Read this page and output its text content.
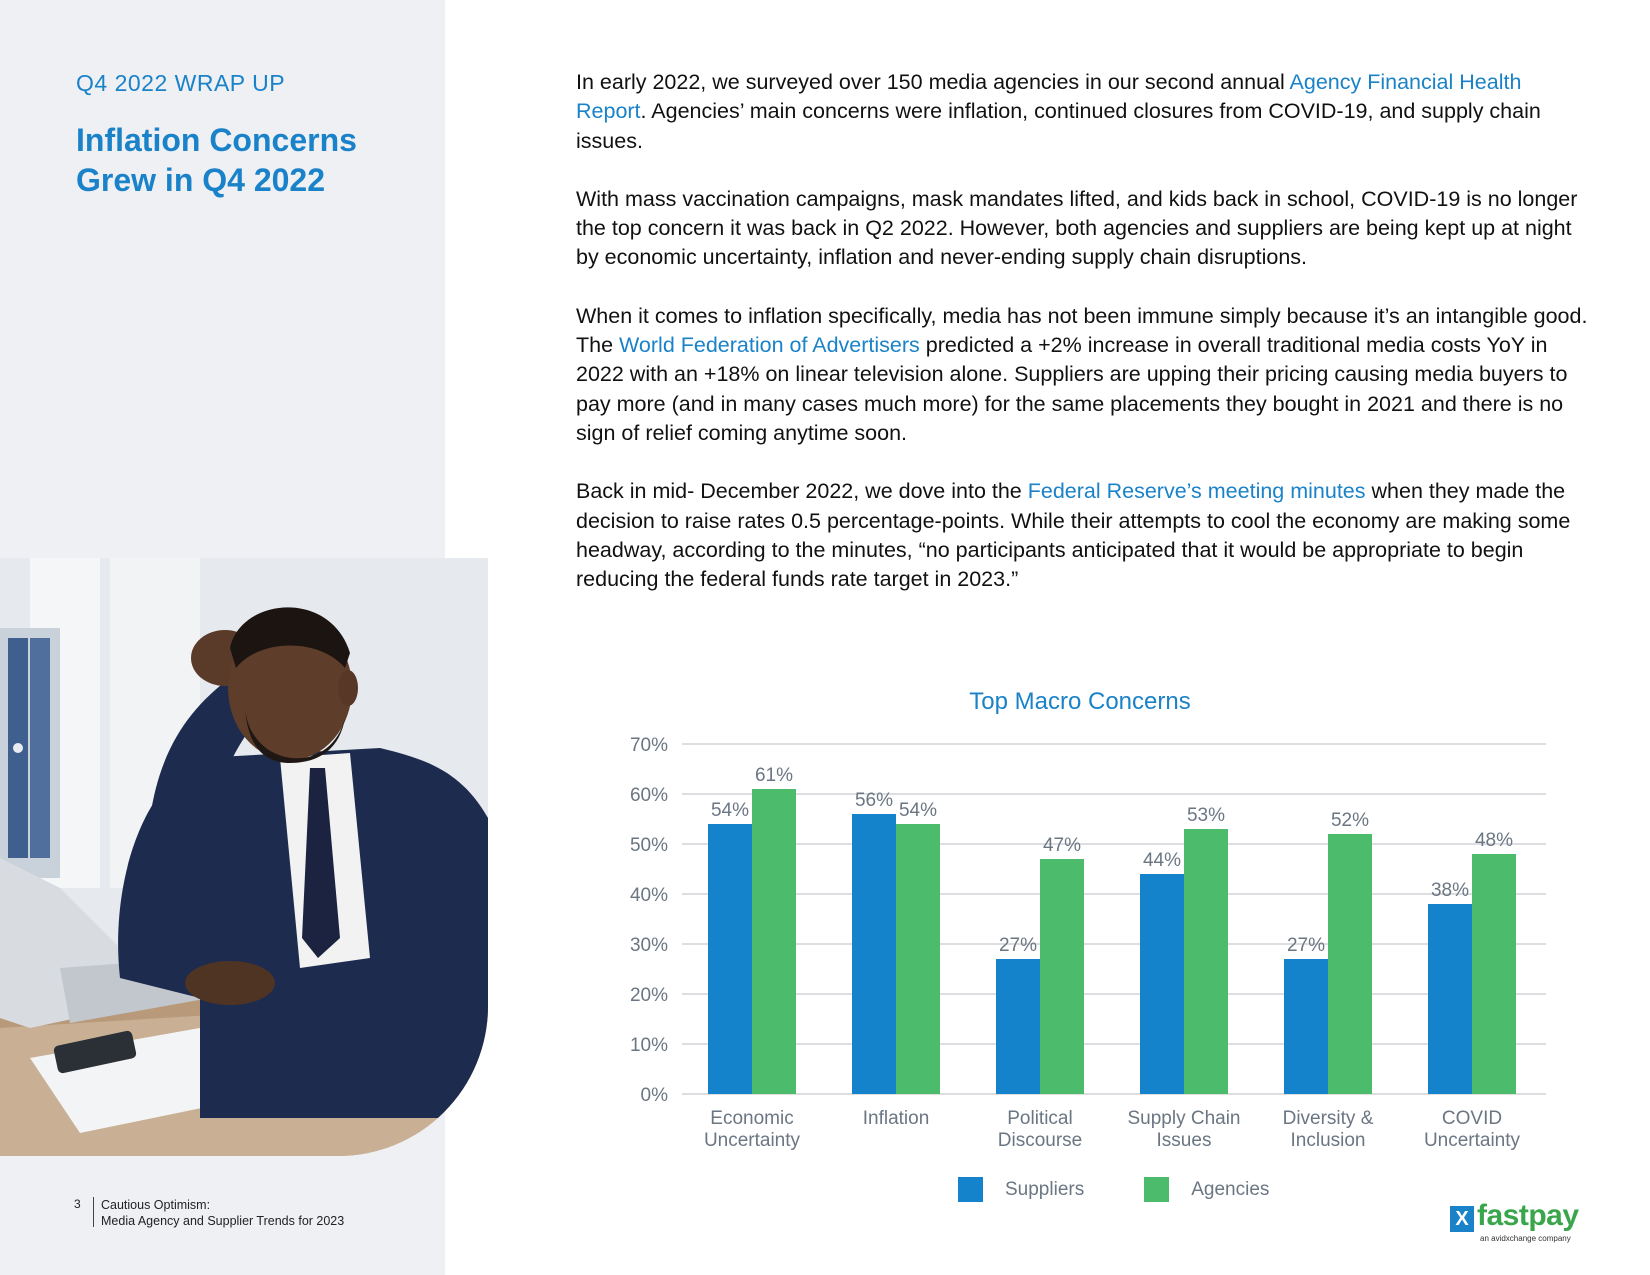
Q4 2022 WRAP UP
Inflation Concerns Grew in Q4 2022
3 Cautious Optimism:
Media Agency and Supplier Trends for 2023

In early 2022, we surveyed over 150 media agencies in our second annual Agency Financial Health Report. Agencies’ main concerns were inflation, continued closures from COVID-19, and supply chain issues.

With mass vaccination campaigns, mask mandates lifted, and kids back in school, COVID-19 is no longer the top concern it was back in Q2 2022. However, both agencies and suppliers are being kept up at night by economic uncertainty, inflation and never-ending supply chain disruptions.

When it comes to inflation specifically, media has not been immune simply because it’s an intangible good. The World Federation of Advertisers predicted a +2% increase in overall traditional media costs YoY in 2022 with an +18% on linear television alone. Suppliers are upping their pricing causing media buyers to pay more (and in many cases much more) for the same placements they bought in 2021 and there is no sign of relief coming anytime soon.

Back in mid- December 2022, we dove into the Federal Reserve’s meeting minutes when they made the decision to raise rates 0.5 percentage-points. While their attempts to cool the economy are making some headway, according to the minutes, “no participants anticipated that it would be appropriate to begin reducing the federal funds rate target in 2023.”

Top Macro Concerns
0%
10%
20%
30%
40%
50%
60%
70%
54%
61%
Economic
Uncertainty
56% 54%
Inflation
27%
47%
Political
Discourse
44%
53%
Supply Chain
Issues
27%
52%
Diversity &
Inclusion
38%
48%
COVID
Uncertainty
Suppliers	Agencies
X fastpay
an avidxchange company
